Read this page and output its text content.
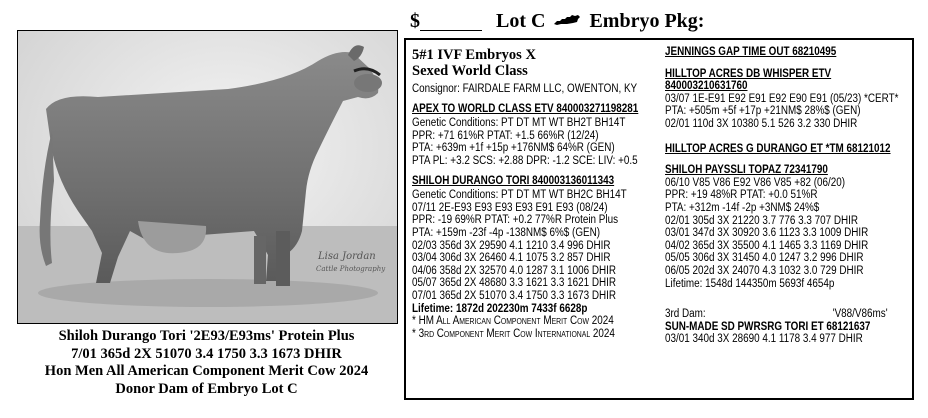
$	Lot C Embryo Pkg:
Lisa Jordan
Cattle Photography
Shiloh Durango Tori '2E93/E93ms' Protein Plus
7/01 365d 2X 51070 3.4 1750 3.3 1673 DHIR
Hon Men All American Component Merit Cow 2024
Donor Dam of Embryo Lot C
5#1 IVF Embryos X
Sexed World Class
Consignor: FAIRDALE FARM LLC, OWENTON, KY
APEX TO WORLD CLASS ETV 840003271198281
Genetic Conditions: PT DT MT WT BH2T BH14T
PPR: +71 61%R PTAT: +1.5 66%R (12/24)
PTA: +639m +1f +15p +176NM$ 64%R (GEN)
PTA PL: +3.2 SCS: +2.88 DPR: -1.2 SCE: LIV: +0.5
SHILOH DURANGO TORI 840003136011343
Genetic Conditions: PT DT MT WT BH2C BH14T
07/11 2E-E93 E93 E93 E93 E91 E93 (08/24)
PPR: -19 69%R PTAT: +0.2 77%R Protein Plus
PTA: +159m -23f -4p -138NM$ 6%$ (GEN)
02/03 356d 3X 29590 4.1 1210 3.4 996 DHIR
03/04 306d 3X 26460 4.1 1075 3.2 857 DHIR
04/06 358d 2X 32570 4.0 1287 3.1 1006 DHIR
05/07 365d 2X 48680 3.3 1621 3.3 1621 DHIR
07/01 365d 2X 51070 3.4 1750 3.3 1673 DHIR
Lifetime: 1872d 202230m 7433f 6628p
* HM All American Component Merit Cow 2024
* 3rd Component Merit Cow International 2024
JENNINGS GAP TIME OUT 68210495
HILLTOP ACRES DB WHISPER ETV
840003210631760
03/07 1E-E91 E92 E91 E92 E90 E91 (05/23) *CERT*
PTA: +505m +5f +17p +21NM$ 28%$ (GEN)
02/01 110d 3X 10380 5.1 526 3.2 330 DHIR
HILLTOP ACRES G DURANGO ET *TM 68121012
SHILOH PAYSSLI TOPAZ 72341790
06/10 V85 V86 E92 V86 V85 +82 (06/20)
PPR: +19 48%R PTAT: +0.0 51%R
PTA: +312m -14f -2p +3NM$ 24%$
02/01 305d 3X 21220 3.7 776 3.3 707 DHIR
03/01 347d 3X 30920 3.6 1123 3.3 1009 DHIR
04/02 365d 3X 35500 4.1 1465 3.3 1169 DHIR
05/05 306d 3X 31450 4.0 1247 3.2 996 DHIR
06/05 202d 3X 24070 4.3 1032 3.0 729 DHIR
Lifetime: 1548d 144350m 5693f 4654p
3rd Dam:	'V88/V86ms'
SUN-MADE SD PWRSRG TORI ET 68121637
03/01 340d 3X 28690 4.1 1178 3.4 977 DHIR
